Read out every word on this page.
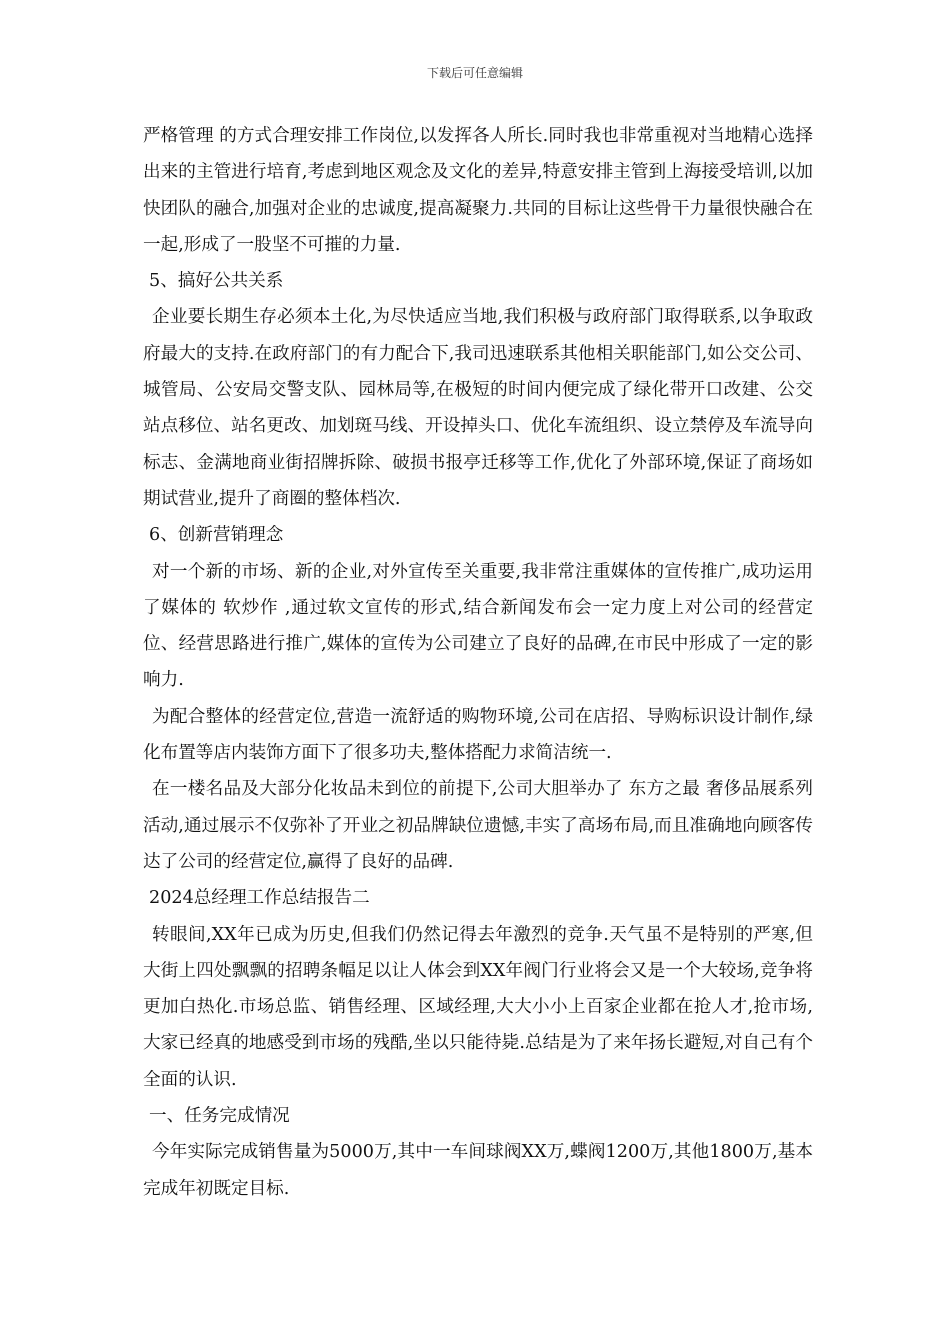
下载后可任意编辑

严格管理 的方式合理安排工作岗位,以发挥各人所长.同时我也非常重视对当地精心选择出来的主管进行培育,考虑到地区观念及文化的差异,特意安排主管到上海接受培训,以加快团队的融合,加强对企业的忠诚度,提高凝聚力.共同的目标让这些骨干力量很快融合在一起,形成了一股坚不可摧的力量.

5、搞好公共关系

企业要长期生存必须本土化,为尽快适应当地,我们积极与政府部门取得联系,以争取政府最大的支持.在政府部门的有力配合下,我司迅速联系其他相关职能部门,如公交公司、城管局、公安局交警支队、园林局等,在极短的时间内便完成了绿化带开口改建、公交站点移位、站名更改、加划斑马线、开设掉头口、优化车流组织、设立禁停及车流导向标志、金满地商业街招牌拆除、破损书报亭迁移等工作,优化了外部环境,保证了商场如期试营业,提升了商圈的整体档次.

6、创新营销理念

对一个新的市场、新的企业,对外宣传至关重要,我非常注重媒体的宣传推广,成功运用了媒体的 软炒作 ,通过软文宣传的形式,结合新闻发布会一定力度上对公司的经营定位、经营思路进行推广,媒体的宣传为公司建立了良好的品碑,在市民中形成了一定的影响力.

为配合整体的经营定位,营造一流舒适的购物环境,公司在店招、导购标识设计制作,绿化布置等店内装饰方面下了很多功夫,整体搭配力求简洁统一.

在一楼名品及大部分化妆品未到位的前提下,公司大胆举办了 东方之最 奢侈品展系列活动,通过展示不仅弥补了开业之初品牌缺位遗憾,丰实了高场布局,而且准确地向顾客传达了公司的经营定位,赢得了良好的品碑.

2024总经理工作总结报告二

转眼间,XX年已成为历史,但我们仍然记得去年激烈的竞争.天气虽不是特别的严寒,但大街上四处飘飘的招聘条幅足以让人体会到XX年阀门行业将会又是一个大较场,竞争将更加白热化.市场总监、销售经理、区域经理,大大小小上百家企业都在抢人才,抢市场,大家已经真的地感受到市场的残酷,坐以只能待毙.总结是为了来年扬长避短,对自己有个全面的认识.

一、任务完成情况

今年实际完成销售量为5000万,其中一车间球阀XX万,蝶阀1200万,其他1800万,基本完成年初既定目标.
